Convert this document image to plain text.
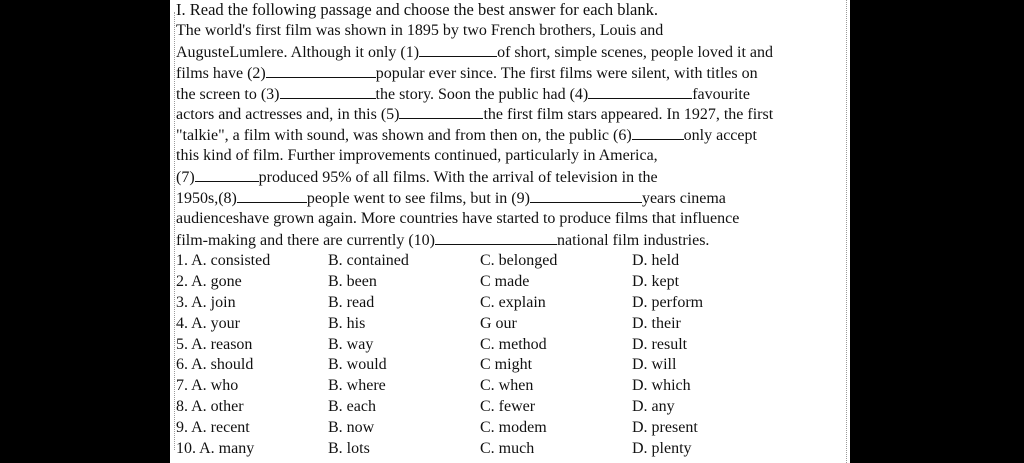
I. Read the following passage and choose the best answer for each blank.
The world's first film was shown in 1895 by two French brothers, Louis and
AugusteLumlere. Although it only (1)	of short, simple scenes, people loved it and
films have (2)	popular ever since. The first films were silent, with titles on
the screen to (3)	the story. Soon the public had (4)	favourite
actors and actresses and, in this (5)	the first film stars appeared. In 1927, the first
"talkie", a film with sound, was shown and from then on, the public (6)	only accept
this kind of film. Further improvements continued, particularly in America,
(7)	produced 95% of all films. With the arrival of television in the
1950s,(8)	people went to see films, but in (9)	years cinema
audienceshave grown again. More countries have started to produce films that influence
film-making and there are currently (10)	national film industries.
1. A. consisted	B. contained	C. belonged	D. held
2. A. gone	B. been	C made	D. kept
3. A. join	B. read	C. explain	D. perform
4. A. your	B. his	G our	D. their
5. A. reason	B. way	C. method	D. result
6. A. should	B. would	C might	D. will
7. A. who	B. where	C. when	D. which
8. A. other	B. each	C. fewer	D. any
9. A. recent	B. now	C. modem	D. present
10. A. many	B. lots	C. much	D. plenty
